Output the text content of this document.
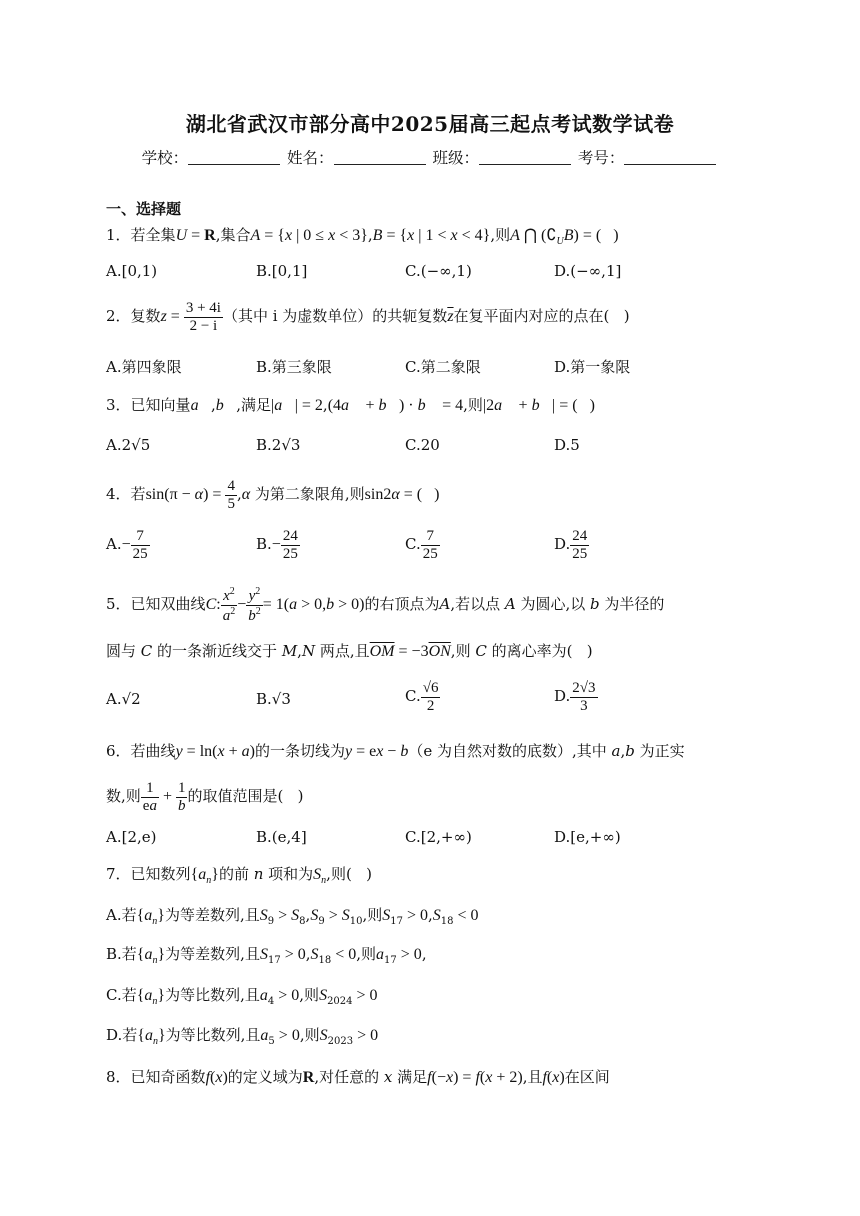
湖北省武汉市部分高中2025届高三起点考试数学试卷
学校：	姓名：	班级：	考号：
一、选择题
1．若全集U = R,集合A = {x | 0 ≤ x < 3},B = {x | 1 < x < 4},则A ⋂ $(∁_UB)$ = (   )
A.[0,1)	B.[0,1]	C.(−∞,1)	D.(−∞,1]
2．复数$z = \frac{3 + 4i}{2 - i}$ （其中 i 为虚数单位）的共轭复数$\overline{z}$在复平面内对应的点在(   )
A.第四象限	B.第三象限	C.第二象限	D.第一象限
3．已知向量a⃗,b⃗,满足|a⃗| = 2,(4a⃗ + b⃗) · b⃗ = 4,则|2a⃗ + b⃗| = (   )
A.2√5	B.2√3	C.20	D.5
4．若$\sin(\pi - \alpha) = \frac{4}{5} ,\alpha$ 为第二象限角,则sin2α = (   )
$A.- \frac{7}{25}$	$B.- \frac{24}{25}$	C. $\frac{7}{25}$	D. $\frac{24}{25}$
5．已知双曲线C: $\frac{x^2}{a^2} - \frac{y^2}{b^2} = 1(a > 0,b > 0)$的右顶点为A,若以点 A 为圆心,以 b 为半径的
圆与 C 的一条渐近线交于 M,N 两点,且$\overline{OM} = -3\overline{ON}$,则 C 的离心率为(   )
A.√2	B.√3	C. $\frac{√6}{2}$	D. $\frac{2√3}{3}$
6．若曲线y = ln(x + a)的一条切线为y = ex − b（e 为自然对数的底数）,其中 a,b 为正实
数,则 $\frac{1}{ea} + \frac{1}{b}$ 的取值范围是(   )
A.[2,e)	B.(e,4]	C.[2,+∞)	D.[e,+∞)
7．已知数列$\{a_n\}$的前 n 项和为$S_n$,则(   )
A.若$\{a_n\}$为等差数列,且$S_9 > S_8,S_9 > S_{10}$,则$S_{17} > 0,S_{18} < 0$
B.若$\{a_n\}$为等差数列,且$S_{17} > 0,S_{18} < 0$,则$a_{17} > 0$,
C.若$\{a_n\}$为等比数列,且$a_4 > 0$,则$S_{2024} > 0$
D.若$\{a_n\}$为等比数列,且$a_5 > 0$,则$S_{2023} > 0$
8．已知奇函数f(x)的定义域为R,对任意的 x 满足f(−x) = f(x + 2),且f(x)在区间
